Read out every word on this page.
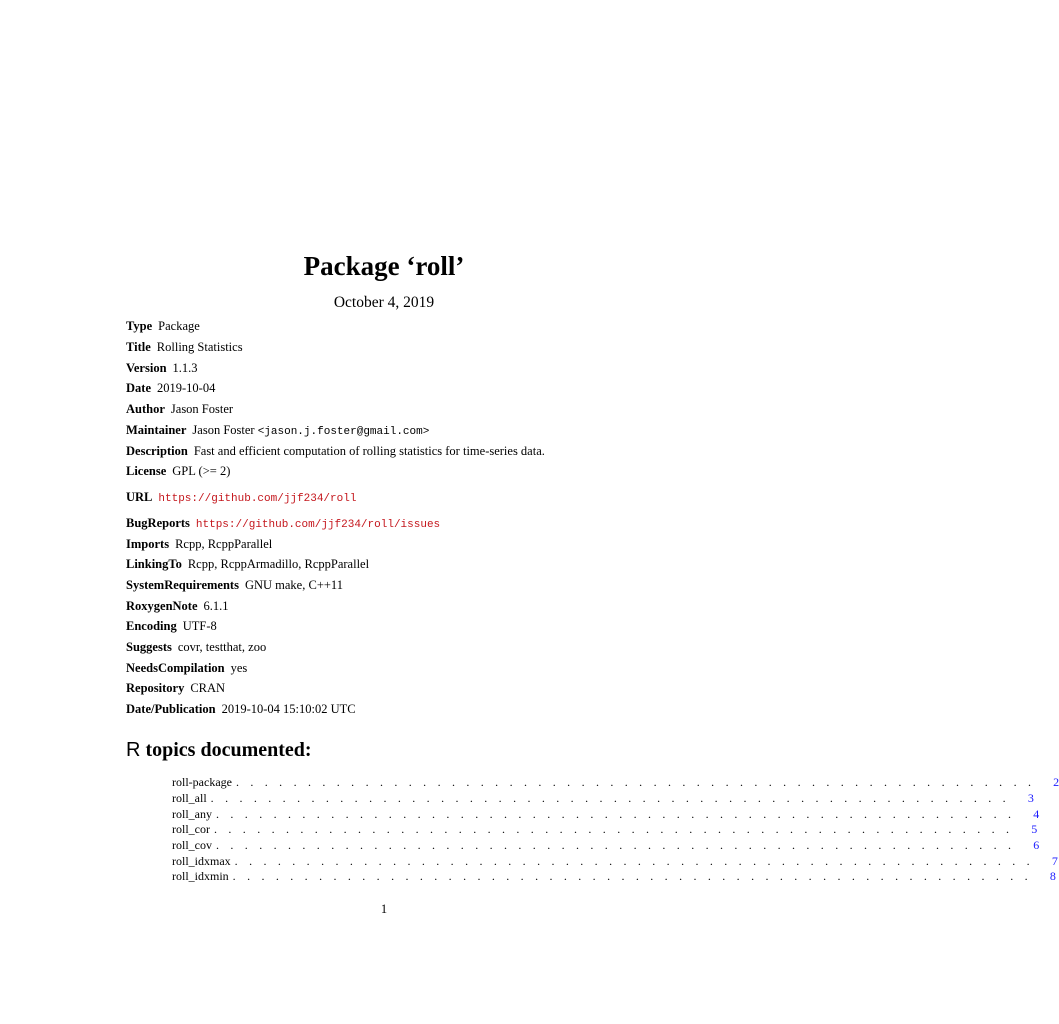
Package ‘roll’
October 4, 2019
Type Package
Title Rolling Statistics
Version 1.1.3
Date 2019-10-04
Author Jason Foster
Maintainer Jason Foster <jason.j.foster@gmail.com>
Description Fast and efficient computation of rolling statistics for time-series data.
License GPL (>= 2)
URL https://github.com/jjf234/roll
BugReports https://github.com/jjf234/roll/issues
Imports Rcpp, RcppParallel
LinkingTo Rcpp, RcppArmadillo, RcppParallel
SystemRequirements GNU make, C++11
RoxygenNote 6.1.1
Encoding UTF-8
Suggests covr, testthat, zoo
NeedsCompilation yes
Repository CRAN
Date/Publication 2019-10-04 15:10:02 UTC
R topics documented:
roll-package . . . . . . . . . . . . . . . . . . . . . . . . . . . . . . . . . . . . . . . . . . . . . . . . . . . . . . . .	2
roll_all . . . . . . . . . . . . . . . . . . . . . . . . . . . . . . . . . . . . . . . . . . . . . . . . . . . . . . . .	3
roll_any . . . . . . . . . . . . . . . . . . . . . . . . . . . . . . . . . . . . . . . . . . . . . . . . . . . . . . . .	4
roll_cor . . . . . . . . . . . . . . . . . . . . . . . . . . . . . . . . . . . . . . . . . . . . . . . . . . . . . . . .	5
roll_cov . . . . . . . . . . . . . . . . . . . . . . . . . . . . . . . . . . . . . . . . . . . . . . . . . . . . . . . .	6
roll_idxmax . . . . . . . . . . . . . . . . . . . . . . . . . . . . . . . . . . . . . . . . . . . . . . . . . . . . . . . .	7
roll_idxmin . . . . . . . . . . . . . . . . . . . . . . . . . . . . . . . . . . . . . . . . . . . . . . . . . . . . . . . .	8
1
